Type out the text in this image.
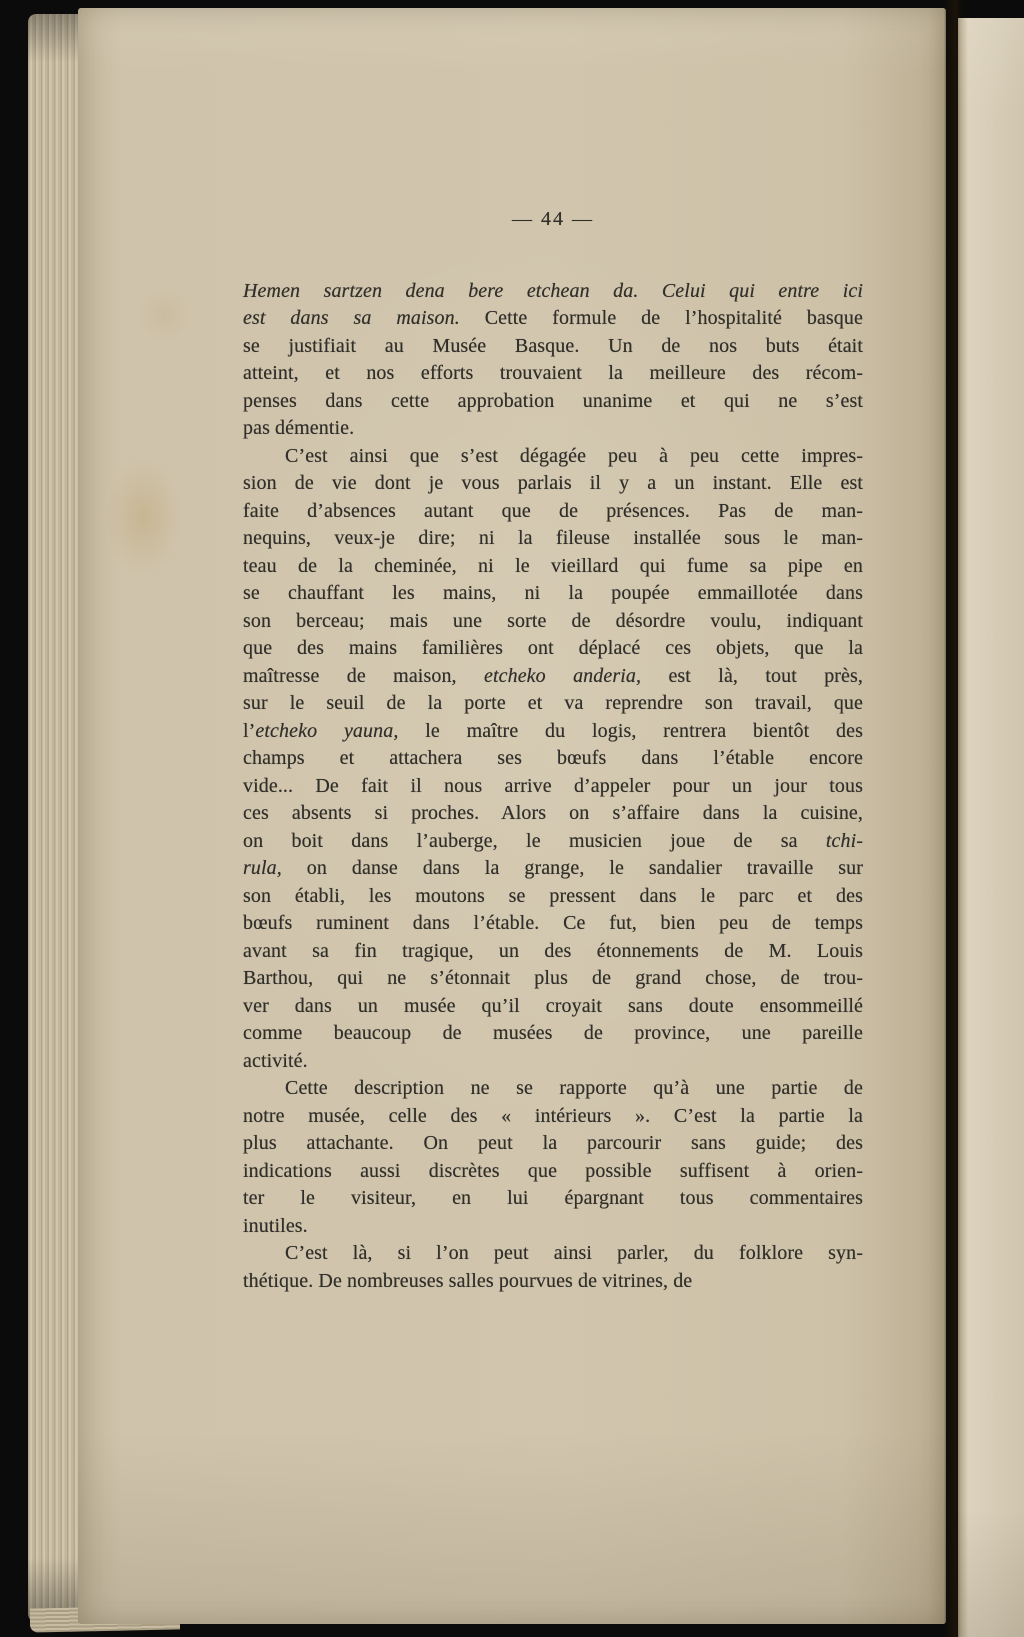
— 44 —
Hemen sartzen dena bere etchean da. Celui qui entre ici
est dans sa maison. Cette formule de l’hospitalité basque
se justifiait au Musée Basque. Un de nos buts était
atteint, et nos efforts trouvaient la meilleure des récom-
penses dans cette approbation unanime et qui ne s’est
pas démentie.
C’est ainsi que s’est dégagée peu à peu cette impres-
sion de vie dont je vous parlais il y a un instant. Elle est
faite d’absences autant que de présences. Pas de man-
nequins, veux-je dire; ni la fileuse installée sous le man-
teau de la cheminée, ni le vieillard qui fume sa pipe en
se chauffant les mains, ni la poupée emmaillotée dans
son berceau; mais une sorte de désordre voulu, indiquant
que des mains familières ont déplacé ces objets, que la
maîtresse de maison, etcheko anderia, est là, tout près,
sur le seuil de la porte et va reprendre son travail, que
l’etcheko yauna, le maître du logis, rentrera bientôt des
champs et attachera ses bœufs dans l’étable encore
vide... De fait il nous arrive d’appeler pour un jour tous
ces absents si proches. Alors on s’affaire dans la cuisine,
on boit dans l’auberge, le musicien joue de sa tchi-
rula, on danse dans la grange, le sandalier travaille sur
son établi, les moutons se pressent dans le parc et des
bœufs ruminent dans l’étable. Ce fut, bien peu de temps
avant sa fin tragique, un des étonnements de M. Louis
Barthou, qui ne s’étonnait plus de grand chose, de trou-
ver dans un musée qu’il croyait sans doute ensommeillé
comme beaucoup de musées de province, une pareille
activité.
Cette description ne se rapporte qu’à une partie de
notre musée, celle des « intérieurs ». C’est la partie la
plus attachante. On peut la parcourir sans guide; des
indications aussi discrètes que possible suffisent à orien-
ter le visiteur, en lui épargnant tous commentaires
inutiles.
C’est là, si l’on peut ainsi parler, du folklore syn-
thétique. De nombreuses salles pourvues de vitrines, de
